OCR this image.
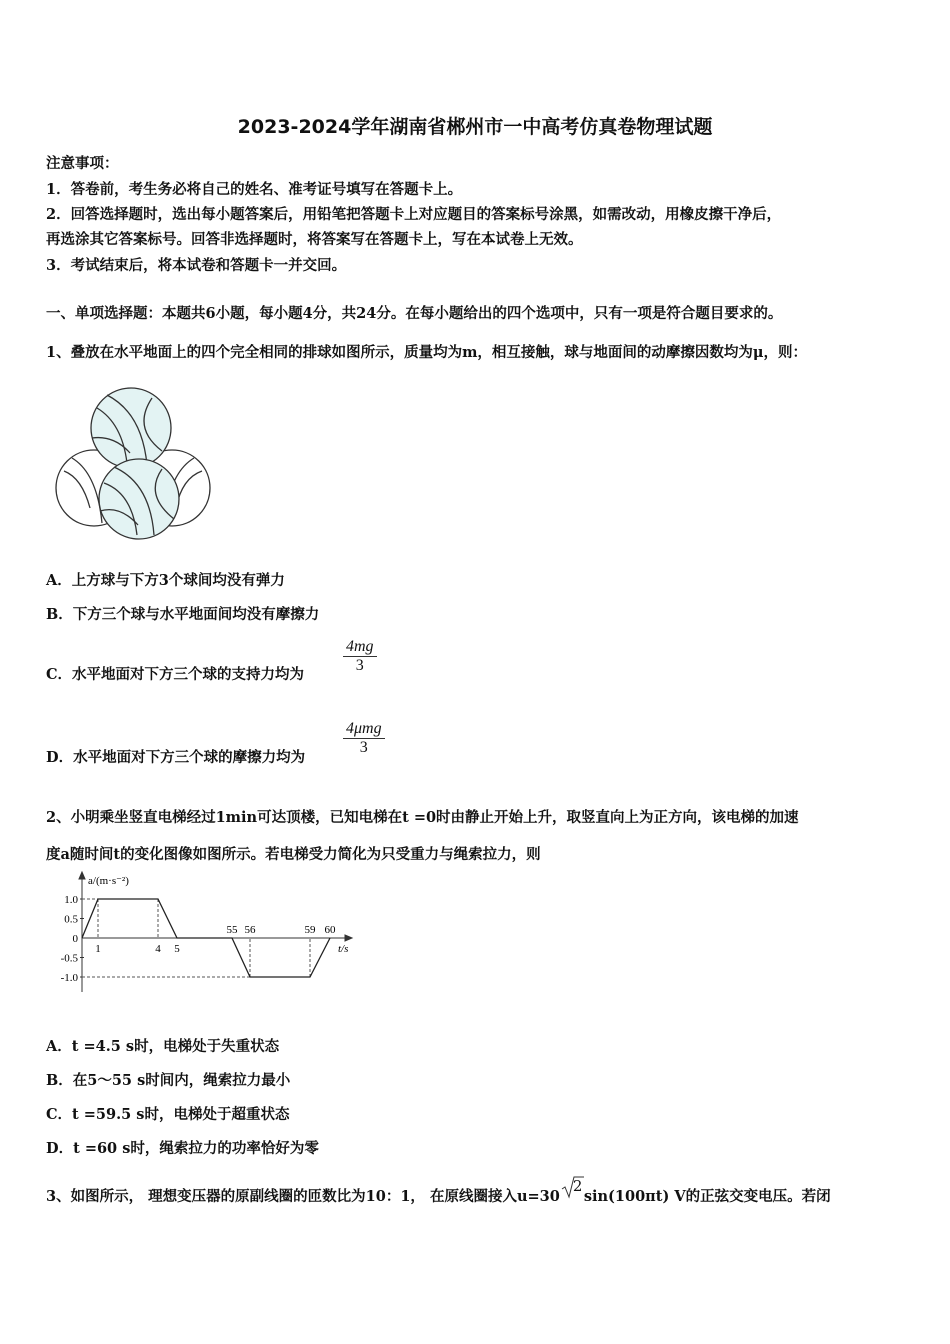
2023-2024学年湖南省郴州市一中高考仿真卷物理试题
注意事项：
1．答卷前，考生务必将自己的姓名、准考证号填写在答题卡上。
2．回答选择题时，选出每小题答案后，用铅笔把答题卡上对应题目的答案标号涂黑，如需改动，用橡皮擦干净后，
再选涂其它答案标号。回答非选择题时，将答案写在答题卡上，写在本试卷上无效。
3．考试结束后，将本试卷和答题卡一并交回。
一、单项选择题：本题共6小题，每小题4分，共24分。在每小题给出的四个选项中，只有一项是符合题目要求的。
1、叠放在水平地面上的四个完全相同的排球如图所示，质量均为m，相互接触，球与地面间的动摩擦因数均为μ，则：
A．上方球与下方3个球间均没有弹力
B．下方三个球与水平地面间均没有摩擦力
C．水平地面对下方三个球的支持力均为
4mg
3
D．水平地面对下方三个球的摩擦力均为
4μmg
3
2、小明乘坐竖直电梯经过1min可达顶楼，已知电梯在t =0时由静止开始上升，取竖直向上为正方向，该电梯的加速
度a随时间t的变化图像如图所示。若电梯受力简化为只受重力与绳索拉力，则
1.0
0.5
0
-0.5
-1.0
1	4 5
55 56	59 60
a/(m·s⁻²)
t/s
A．t =4.5 s时，电梯处于失重状态
B．在5～55 s时间内，绳索拉力最小
C．t =59.5 s时，电梯处于超重状态
D．t =60 s时，绳索拉力的功率恰好为零
3、如图所示， 理想变压器的原副线圈的匝数比为10：1， 在原线圈接入u=30
2
sin(100πt) V的正弦交变电压。若闭
